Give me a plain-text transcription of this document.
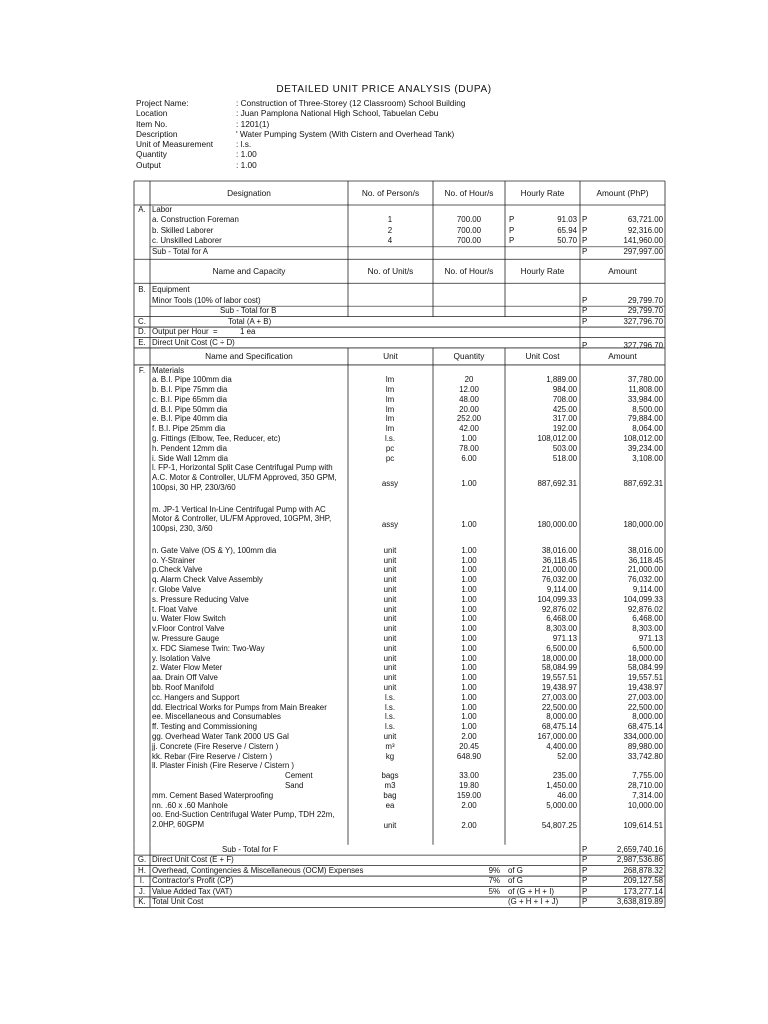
DETAILED UNIT PRICE ANALYSIS (DUPA)
Project Name:	: Construction of Three-Storey (12 Classroom) School Building
Location	: Juan Pamplona National High School, Tabuelan Cebu
Item No.	: 1201(1)
Description	' Water Pumping System (With Cistern and Overhead Tank)
Unit of Measurement	: l.s.
Quantity	: 1.00
Output	: 1.00
Designation	No. of Person/s	No. of Hour/s	Hourly Rate	Amount (PhP)
A. Labor
a. Construction Foreman	1	700.00	P	91.03 P	63,721.00
b. Skilled Laborer	2	700.00	P	65.94 P	92,316.00
c. Unskilled Laborer	4	700.00	P	50.70 P	141,960.00
Sub - Total for A	P	297,997.00
Name and Capacity	No. of Unit/s	No. of Hour/s	Hourly Rate	Amount
B. Equipment
Minor Tools (10% of labor cost)	P	29,799.70
Sub - Total for B	P	29,799.70
C.	Total (A + B)	P	327,796.70
D. Output per Hour  =	1 ea
E. Direct Unit Cost (C ÷ D)	P	327,796.70
Name and Specification	Unit	Quantity	Unit Cost	Amount
F. Materials
a. B.I. Pipe 100mm dia	lm	20	1,889.00	37,780.00
b. B.I. Pipe 75mm dia	lm	12.00	984.00	11,808.00
c. B.I. Pipe 65mm dia	lm	48.00	708.00	33,984.00
d. B.I. Pipe 50mm dia	lm	20.00	425.00	8,500.00
e. B.I. Pipe 40mm dia	lm	252.00	317.00	79,884.00
f. B.I. Pipe 25mm dia	lm	42.00	192.00	8,064.00
g. Fittings (Elbow, Tee, Reducer, etc)	l.s.	1.00	108,012.00	108,012.00
h. Pendent 12mm dia	pc	78.00	503.00	39,234.00
i. Side Wall 12mm dia	pc	6.00	518.00	3,108.00
l. FP-1, Horizontal Split Case Centrifugal Pump with A.C. Motor & Controller, UL/FM Approved, 350 GPM, 100psi, 30 HP, 230/3/60	assy	1.00	887,692.31	887,692.31
m. JP-1 Vertical In-Line Centrifugal Pump with AC Motor & Controller, UL/FM Approved, 10GPM, 3HP, 100psi, 230, 3/60	assy	1.00	180,000.00	180,000.00
n. Gate Valve (OS & Y), 100mm dia	unit	1.00	38,016.00	38,016.00
o. Y-Strainer	unit	1.00	36,118.45	36,118.45
p.Check Valve	unit	1.00	21,000.00	21,000.00
q. Alarm Check Valve Assembly	unit	1.00	76,032.00	76,032.00
r. Globe Valve	unit	1.00	9,114.00	9,114.00
s. Pressure Reducing Valve	unit	1.00	104,099.33	104,099.33
t. Float Valve	unit	1.00	92,876.02	92,876.02
u. Water Flow Switch	unit	1.00	6,468.00	6,468.00
v.Floor Control Valve	unit	1.00	8,303.00	8,303.00
w. Pressure Gauge	unit	1.00	971.13	971.13
x. FDC Siamese Twin: Two-Way	unit	1.00	6,500.00	6,500.00
y. Isolation Valve	unit	1.00	18,000.00	18,000.00
z. Water Flow Meter	unit	1.00	58,084.99	58,084.99
aa. Drain Off Valve	unit	1.00	19,557.51	19,557.51
bb. Roof Manifold	unit	1.00	19,438.97	19,438.97
cc. Hangers and Support	l.s.	1.00	27,003.00	27,003.00
dd. Electrical Works for Pumps from Main Breaker	l.s.	1.00	22,500.00	22,500.00
ee. Miscellaneous and Consumables	l.s.	1.00	8,000.00	8,000.00
ff. Testing and Commissioning	l.s.	1.00	68,475.14	68,475.14
gg. Overhead Water Tank 2000 US Gal	unit	2.00	167,000.00	334,000.00
jj. Concrete (Fire Reserve / Cistern )	m³	20.45	4,400.00	89,980.00
kk. Rebar (Fire Reserve / Cistern )	kg	648.90	52.00	33,742.80
ll. Plaster Finish (Fire Reserve / Cistern )
Cement	bags	33.00	235.00	7,755.00
Sand	m3	19.80	1,450.00	28,710.00
mm. Cement Based Waterproofing	bag	159.00	46.00	7,314.00
nn. .60 x .60 Manhole	ea	2.00	5,000.00	10,000.00
oo. End-Suction Centrifugal Water Pump, TDH 22m, 2.0HP, 60GPM	unit	2.00	54,807.25	109,614.51
Sub - Total for F	P	2,659,740.16
G. Direct Unit Cost (E + F)	P	2,987,536.86
H. Overhead, Contingencies & Miscellaneous (OCM) Expenses	9% of G	P	268,878.32
I. Contractor's Profit (CP)	7% of G	P	209,127.58
J. Value Added Tax (VAT)	5% of (G + H + I)	P	173,277.14
K. Total Unit Cost	(G + H + I + J)	P	3,638,819.89
